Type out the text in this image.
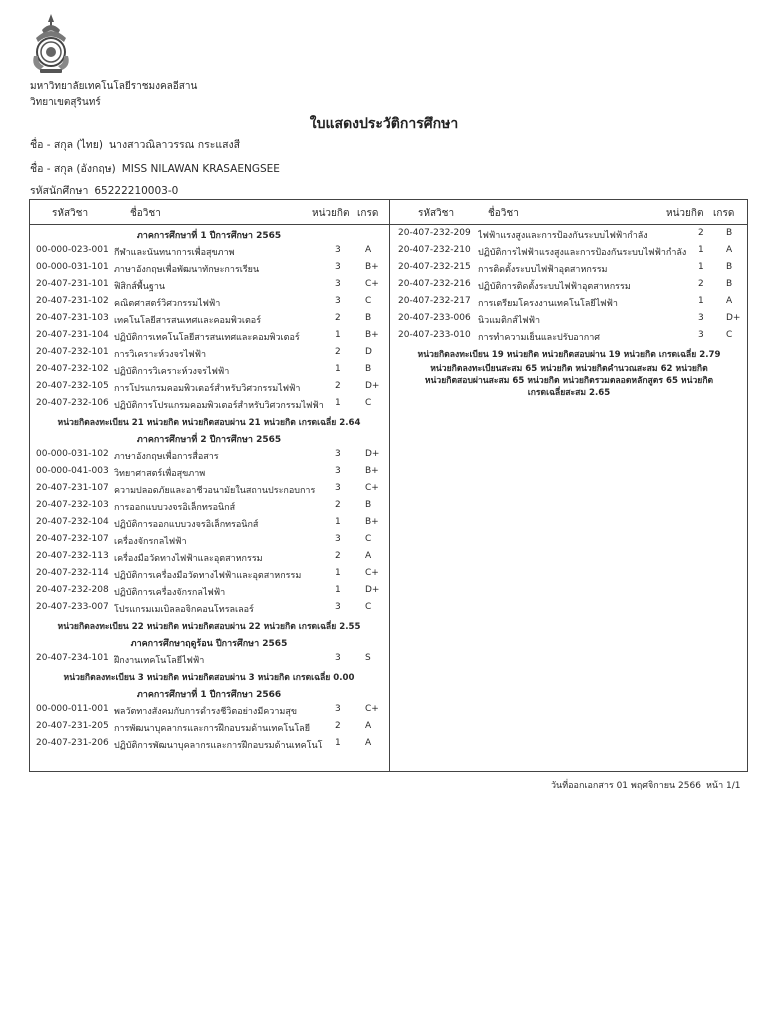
มหาวิทยาลัยเทคโนโลยีราชมงคลอีสาน
วิทยาเขตสุรินทร์
ใบแสดงประวัติการศึกษา
ชื่อ - สกุล (ไทย) นางสาวณิลาวรรณ กระแสงสี
ชื่อ - สกุล (อังกฤษ) MISS NILAWAN KRASAENGSEE
รหัสนักศึกษา 65222210003-0
รหัสวิชา	ชื่อวิชา	หน่วยกิต เกรด	รหัสวิชา	ชื่อวิชา	หน่วยกิต เกรด
ภาคการศึกษาที่ 1 ปีการศึกษา 2565
00-000-023-001 กีฬาและนันทนาการเพื่อสุขภาพ	3	A
00-000-031-101 ภาษาอังกฤษเพื่อพัฒนาทักษะการเรียน	3	B+
20-407-231-101 ฟิสิกส์พื้นฐาน	3	C+
20-407-231-102 คณิตศาสตร์วิศวกรรมไฟฟ้า	3	C
20-407-231-103 เทคโนโลยีสารสนเทศและคอมพิวเตอร์	2	B
20-407-231-104 ปฏิบัติการเทคโนโลยีสารสนเทศและคอมพิวเตอร์	1	B+
20-407-232-101 การวิเคราะห์วงจรไฟฟ้า	2	D
20-407-232-102 ปฏิบัติการวิเคราะห์วงจรไฟฟ้า	1	B
20-407-232-105 การโปรแกรมคอมพิวเตอร์สำหรับวิศวกรรมไฟฟ้า	2	D+
20-407-232-106 ปฏิบัติการโปรแกรมคอมพิวเตอร์สำหรับวิศวกรรมไฟฟ้า 1	C
หน่วยกิตลงทะเบียน 21 หน่วยกิต หน่วยกิตสอบผ่าน 21 หน่วยกิต เกรดเฉลี่ย 2.64
ภาคการศึกษาที่ 2 ปีการศึกษา 2565
00-000-031-102 ภาษาอังกฤษเพื่อการสื่อสาร	3	D+
00-000-041-003 วิทยาศาสตร์เพื่อสุขภาพ	3	B+
20-407-231-107 ความปลอดภัยและอาชีวอนามัยในสถานประกอบการ	3	C+
20-407-232-103 การออกแบบวงจรอิเล็กทรอนิกส์	2	B
20-407-232-104 ปฏิบัติการออกแบบวงจรอิเล็กทรอนิกส์	1	B+
20-407-232-107 เครื่องจักรกลไฟฟ้า	3	C
20-407-232-113 เครื่องมือวัดทางไฟฟ้าและอุตสาหกรรม	2	A
20-407-232-114 ปฏิบัติการเครื่องมือวัดทางไฟฟ้าและอุตสาหกรรม	1	C+
20-407-232-208 ปฏิบัติการเครื่องจักรกลไฟฟ้า	1	D+
20-407-233-007 โปรแกรมเมเบิลลอจิกคอนโทรลเลอร์	3	C
หน่วยกิตลงทะเบียน 22 หน่วยกิต หน่วยกิตสอบผ่าน 22 หน่วยกิต เกรดเฉลี่ย 2.55
ภาคการศึกษาฤดูร้อน ปีการศึกษา 2565
20-407-234-101 ฝึกงานเทคโนโลยีไฟฟ้า	3	S
หน่วยกิตลงทะเบียน 3 หน่วยกิต หน่วยกิตสอบผ่าน 3 หน่วยกิต เกรดเฉลี่ย 0.00
ภาคการศึกษาที่ 1 ปีการศึกษา 2566
00-000-011-001 พลวัตทางสังคมกับการดำรงชีวิตอย่างมีความสุข	3	C+
20-407-231-205 การพัฒนาบุคลากรและการฝึกอบรมด้านเทคโนโลยี	2	A
20-407-231-206 ปฏิบัติการพัฒนาบุคลากรและการฝึกอบรมด้านเทคโนโ 1	A
20-407-232-209 ไฟฟ้าแรงสูงและการป้องกันระบบไฟฟ้ากำลัง	2 B
20-407-232-210 ปฏิบัติการไฟฟ้าแรงสูงและการป้องกันระบบไฟฟ้ากำลัง	1 A
20-407-232-215 การติดตั้งระบบไฟฟ้าอุตสาหกรรม	1 B
20-407-232-216 ปฏิบัติการติดตั้งระบบไฟฟ้าอุตสาหกรรม	2 B
20-407-232-217 การเตรียมโครงงานเทคโนโลยีไฟฟ้า	1 A
20-407-233-006 นิวแมติกส์ไฟฟ้า	3 D+
20-407-233-010 การทำความเย็นและปรับอากาศ	3 C
หน่วยกิตลงทะเบียน 19 หน่วยกิต หน่วยกิตสอบผ่าน 19 หน่วยกิต เกรดเฉลี่ย 2.79
หน่วยกิตลงทะเบียนสะสม 65 หน่วยกิต หน่วยกิตคำนวณสะสม 62 หน่วยกิต
หน่วยกิตสอบผ่านสะสม 65 หน่วยกิต หน่วยกิตรวมตลอดหลักสูตร 65 หน่วยกิต
เกรดเฉลี่ยสะสม 2.65
วันที่ออกเอกสาร 01 พฤศจิกายน 2566 หน้า 1/1
